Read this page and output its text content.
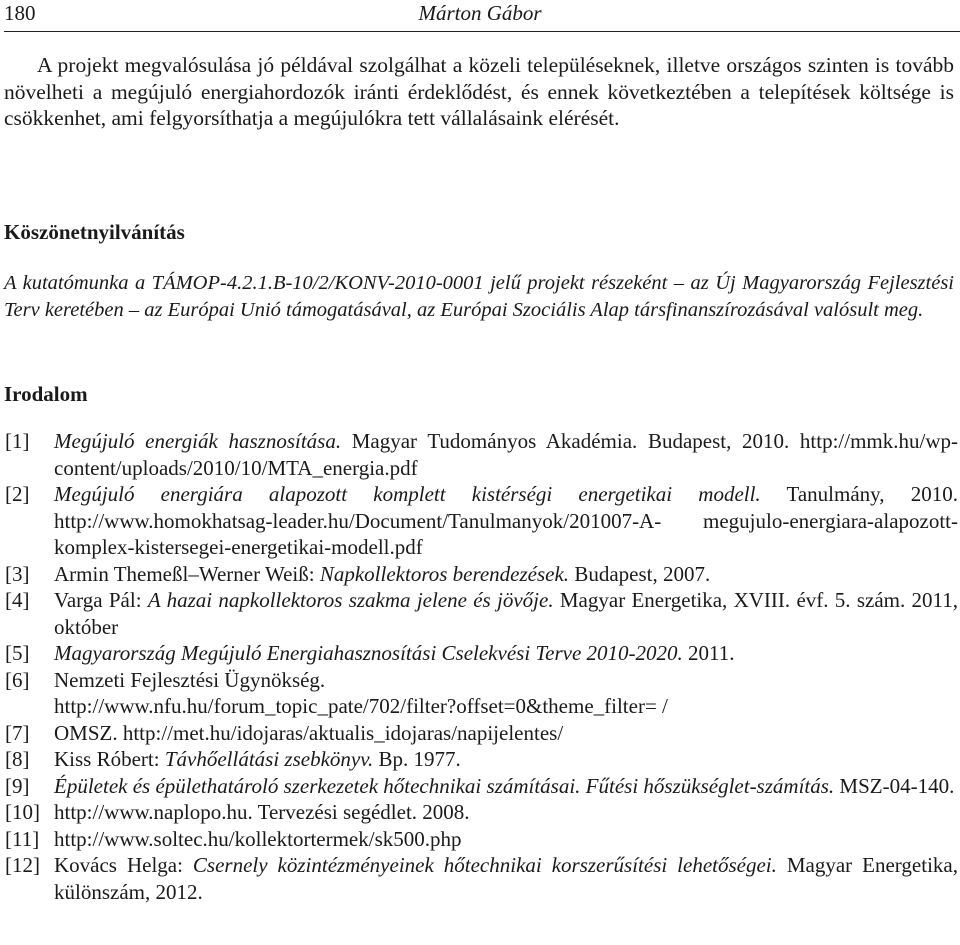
180	Márton Gábor

A projekt megvalósulása jó példával szolgálhat a közeli településeknek, illetve országos szinten is tovább növelheti a megújuló energiahordozók iránti érdeklődést, és ennek következtében a telepítések költsége is csökkenhet, ami felgyorsíthatja a megújulókra tett vállalásaink elérését.

Köszönetnyilvánítás

A kutatómunka a TÁMOP-4.2.1.B-10/2/KONV-2010-0001 jelű projekt részeként – az Új Magyarország Fejlesztési Terv keretében – az Európai Unió támogatásával, az Európai Szociális Alap társfinanszírozásával valósult meg.

Irodalom

[1] Megújuló energiák hasznosítása. Magyar Tudományos Akadémia. Budapest, 2010. http://mmk.hu/wp-content/uploads/2010/10/MTA_energia.pdf

[2] Megújuló energiára alapozott komplett kistérségi energetikai modell. Tanulmány, 2010. http://www.homokhatsag-leader.hu/Document/Tanulmanyok/201007-A- megujulo-energiara-alapozott-komplex-kistersegei-energetikai-modell.pdf

[3] Armin Themeßl–Werner Weiß: Napkollektoros berendezések. Budapest, 2007.

[4] Varga Pál: A hazai napkollektoros szakma jelene és jövője. Magyar Energetika, XVIII. évf. 5. szám. 2011, október

[5] Magyarország Megújuló Energiahasznosítási Cselekvési Terve 2010-2020. 2011.

[6] Nemzeti Fejlesztési Ügynökség.
http://www.nfu.hu/forum_topic_pate/702/filter?offset=0&theme_filter= /

[7] OMSZ. http://met.hu/idojaras/aktualis_idojaras/napijelentes/

[8] Kiss Róbert: Távhőellátási zsebkönyv. Bp. 1977.

[9] Épületek és épülethatároló szerkezetek hőtechnikai számításai. Fűtési hőszükséglet-számítás. MSZ-04-140.

[10] http://www.naplopo.hu. Tervezési segédlet. 2008.

[11] http://www.soltec.hu/kollektortermek/sk500.php

[12] Kovács Helga: Csernely közintézményeinek hőtechnikai korszerűsítési lehetőségei. Magyar Energetika, különszám, 2012.
